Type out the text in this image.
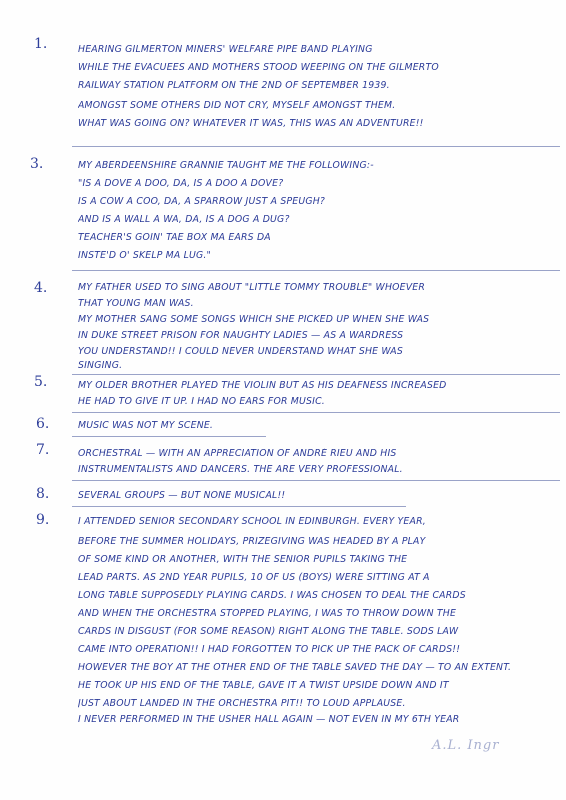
1.	HEARING GILMERTON MINERS' WELFARE PIPE BAND PLAYING
WHILE THE EVACUEES AND MOTHERS STOOD WEEPING ON THE GILMERTO
RAILWAY STATION PLATFORM ON THE 2ND OF SEPTEMBER 1939.
AMONGST SOME OTHERS DID NOT CRY, MYSELF AMONGST THEM.
WHAT WAS GOING ON? WHATEVER IT WAS, THIS WAS AN ADVENTURE!!
3.	MY ABERDEENSHIRE GRANNIE TAUGHT ME THE FOLLOWING:-
"IS A DOVE A DOO, DA, IS A DOO A DOVE?
IS A COW A COO, DA, A SPARROW JUST A SPEUGH?
AND IS A WALL A WA, DA, IS A DOG A DUG?
TEACHER'S GOIN' TAE BOX MA EARS DA
INSTE'D O' SKELP MA LUG."
4.	MY FATHER USED TO SING ABOUT "LITTLE TOMMY TROUBLE" WHOEVER
THAT YOUNG MAN WAS.
MY MOTHER SANG SOME SONGS WHICH SHE PICKED UP WHEN SHE WAS
IN DUKE STREET PRISON FOR NAUGHTY LADIES — AS A WARDRESS
YOU UNDERSTAND!! I COULD NEVER UNDERSTAND WHAT SHE WAS
SINGING.
5.	MY OLDER BROTHER PLAYED THE VIOLIN BUT AS HIS DEAFNESS INCREASED
HE HAD TO GIVE IT UP. I HAD NO EARS FOR MUSIC.
6.	MUSIC WAS NOT MY SCENE.
7.	ORCHESTRAL — WITH AN APPRECIATION OF ANDRÉ RIEU AND HIS
INSTRUMENTALISTS AND DANCERS. THE ARE VERY PROFESSIONAL.
8.	SEVERAL GROUPS — BUT NONE MUSICAL!!
9.	I ATTENDED SENIOR SECONDARY SCHOOL IN EDINBURGH. EVERY YEAR,
BEFORE THE SUMMER HOLIDAYS, PRIZEGIVING WAS HEADED BY A PLAY
OF SOME KIND OR ANOTHER, WITH THE SENIOR PUPILS TAKING THE
LEAD PARTS. AS 2ND YEAR PUPILS, 10 OF US (BOYS) WERE SITTING AT A
LONG TABLE SUPPOSEDLY PLAYING CARDS. I WAS CHOSEN TO DEAL THE CARDS
AND WHEN THE ORCHESTRA STOPPED PLAYING, I WAS TO THROW DOWN THE
CARDS IN DISGUST (FOR SOME REASON) RIGHT ALONG THE TABLE. SODS LAW
CAME INTO OPERATION!! I HAD FORGOTTEN TO PICK UP THE PACK OF CARDS!!
HOWEVER THE BOY AT THE OTHER END OF THE TABLE SAVED THE DAY — TO AN EXTENT.
HE TOOK UP HIS END OF THE TABLE, GAVE IT A TWIST UPSIDE DOWN AND IT
JUST ABOUT LANDED IN THE ORCHESTRA PIT!! TO LOUD APPLAUSE.
I NEVER PERFORMED IN THE USHER HALL AGAIN — NOT EVEN IN MY 6TH YEAR
A.L. Ingr
